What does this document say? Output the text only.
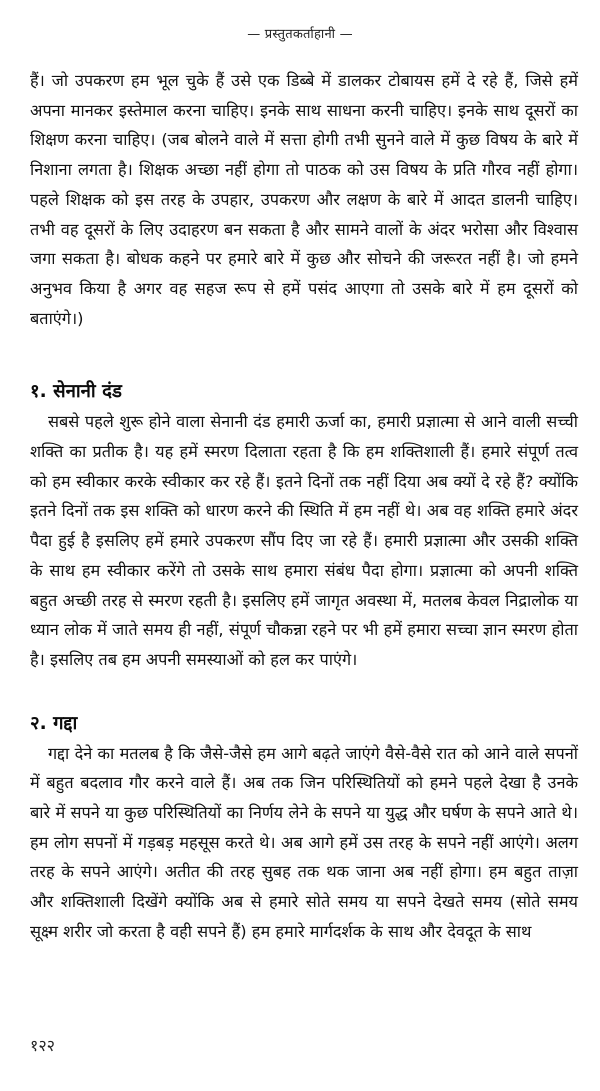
— प्रस्तुतकर्ताहानी —

हैं। जो उपकरण हम भूल चुके हैं उसे एक डिब्बे में डालकर टोबायस हमें दे रहे हैं, जिसे हमें अपना मानकर इस्तेमाल करना चाहिए। इनके साथ साधना करनी चाहिए। इनके साथ दूसरों का शिक्षण करना चाहिए। (जब बोलने वाले में सत्ता होगी तभी सुनने वाले में कुछ विषय के बारे में निशाना लगता है। शिक्षक अच्छा नहीं होगा तो पाठक को उस विषय के प्रति गौरव नहीं होगा। पहले शिक्षक को इस तरह के उपहार, उपकरण और लक्षण के बारे में आदत डालनी चाहिए। तभी वह दूसरों के लिए उदाहरण बन सकता है और सामने वालों के अंदर भरोसा और विश्वास जगा सकता है। बोधक कहने पर हमारे बारे में कुछ और सोचने की जरूरत नहीं है। जो हमने अनुभव किया है अगर वह सहज रूप से हमें पसंद आएगा तो उसके बारे में हम दूसरों को बताएंगे।)

१. सेनानी दंड

सबसे पहले शुरू होने वाला सेनानी दंड हमारी ऊर्जा का, हमारी प्रज्ञात्मा से आने वाली सच्ची शक्ति का प्रतीक है। यह हमें स्मरण दिलाता रहता है कि हम शक्तिशाली हैं। हमारे संपूर्ण तत्व को हम स्वीकार करके स्वीकार कर रहे हैं। इतने दिनों तक नहीं दिया अब क्यों दे रहे हैं? क्योंकि इतने दिनों तक इस शक्ति को धारण करने की स्थिति में हम नहीं थे। अब वह शक्ति हमारे अंदर पैदा हुई है इसलिए हमें हमारे उपकरण सौंप दिए जा रहे हैं। हमारी प्रज्ञात्मा और उसकी शक्ति के साथ हम स्वीकार करेंगे तो उसके साथ हमारा संबंध पैदा होगा। प्रज्ञात्मा को अपनी शक्ति बहुत अच्छी तरह से स्मरण रहती है। इसलिए हमें जागृत अवस्था में, मतलब केवल निद्रालोक या ध्यान लोक में जाते समय ही नहीं, संपूर्ण चौकन्ना रहने पर भी हमें हमारा सच्चा ज्ञान स्मरण होता है। इसलिए तब हम अपनी समस्याओं को हल कर पाएंगे।

२. गद्दा

गद्दा देने का मतलब है कि जैसे-जैसे हम आगे बढ़ते जाएंगे वैसे-वैसे रात को आने वाले सपनों में बहुत बदलाव गौर करने वाले हैं। अब तक जिन परिस्थितियों को हमने पहले देखा है उनके बारे में सपने या कुछ परिस्थितियों का निर्णय लेने के सपने या युद्ध और घर्षण के सपने आते थे। हम लोग सपनों में गड़बड़ महसूस करते थे। अब आगे हमें उस तरह के सपने नहीं आएंगे। अलग तरह के सपने आएंगे। अतीत की तरह सुबह तक थक जाना अब नहीं होगा। हम बहुत ताज़ा और शक्तिशाली दिखेंगे क्योंकि अब से हमारे सोते समय या सपने देखते समय (सोते समय सूक्ष्म शरीर जो करता है वही सपने हैं) हम हमारे मार्गदर्शक के साथ और देवदूत के साथ

१२२
